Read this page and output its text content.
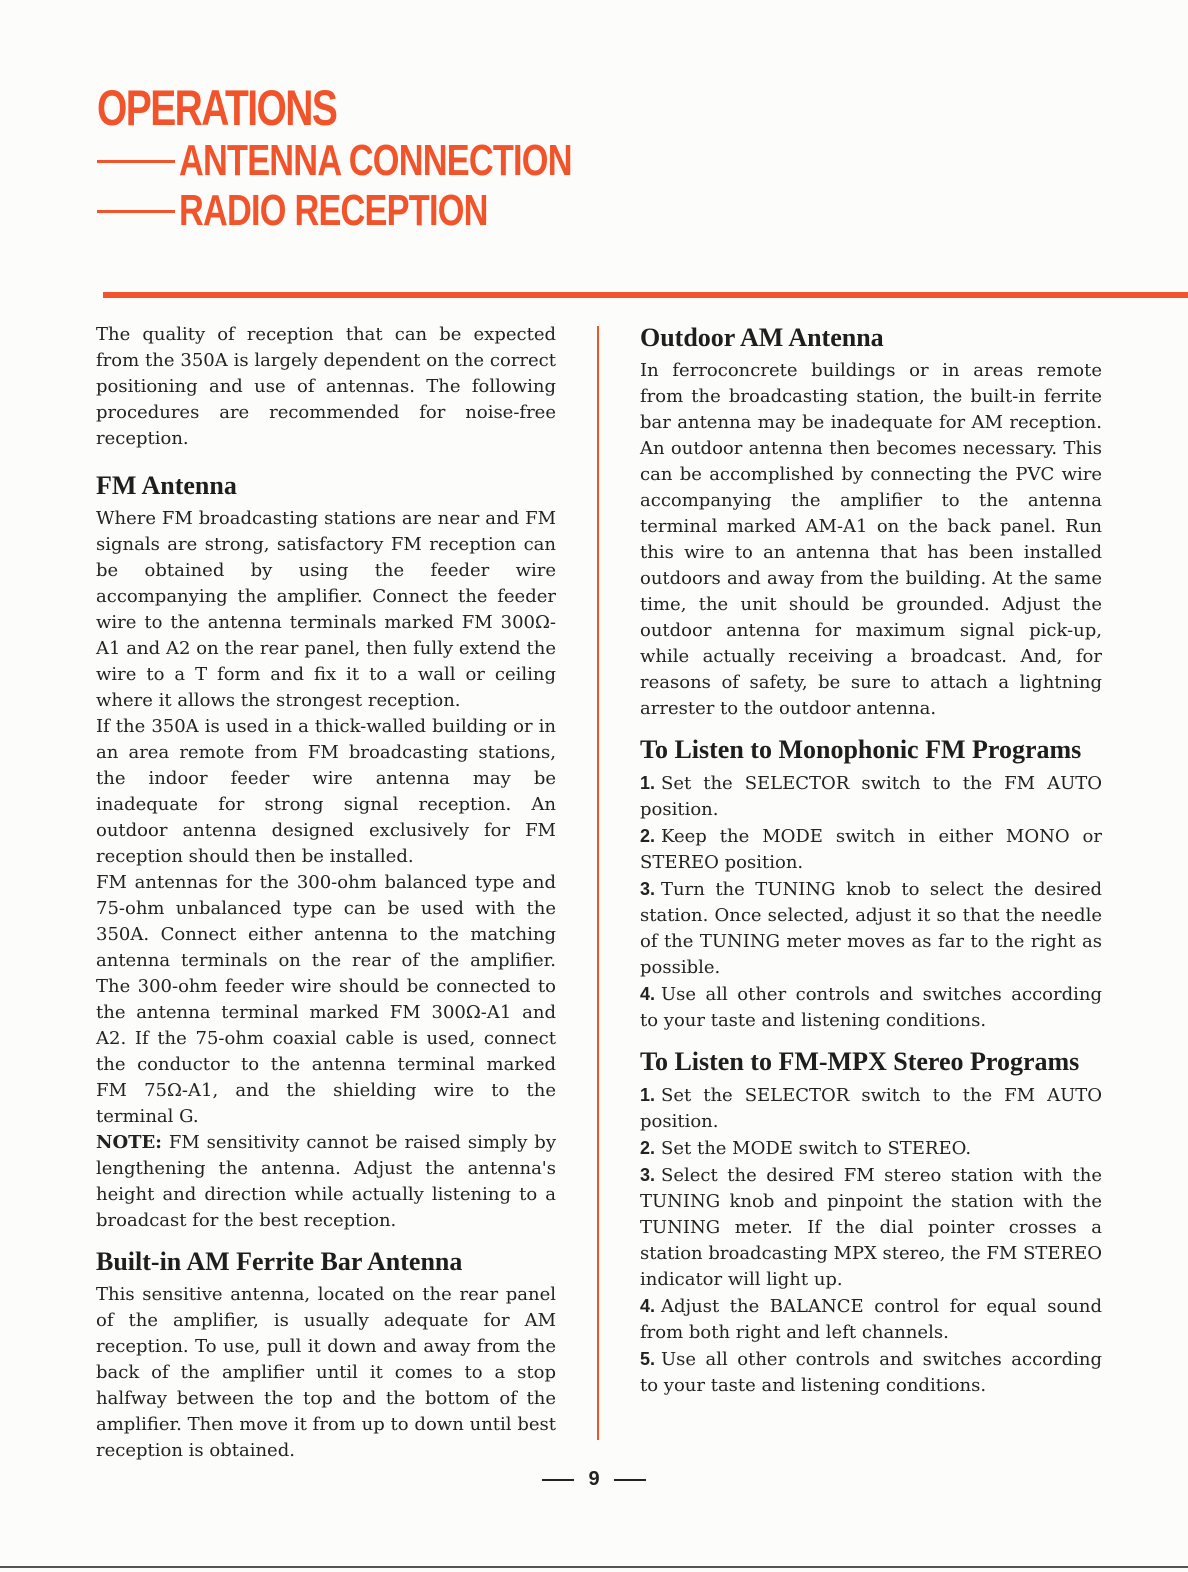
OPERATIONS
ANTENNA CONNECTION
RADIO RECEPTION

The quality of reception that can be expected from the 350A is largely dependent on the correct positioning and use of antennas. The following procedures are recommended for noise-free reception.

FM Antenna

Where FM broadcasting stations are near and FM signals are strong, satisfactory FM reception can be obtained by using the feeder wire accompanying the amplifier. Connect the feeder wire to the antenna terminals marked FM 300Ω-A1 and A2 on the rear panel, then fully extend the wire to a T form and fix it to a wall or ceiling where it allows the strongest reception.

If the 350A is used in a thick-walled building or in an area remote from FM broadcasting stations, the indoor feeder wire antenna may be inadequate for strong signal reception. An outdoor antenna designed exclusively for FM reception should then be installed.

FM antennas for the 300-ohm balanced type and 75-ohm unbalanced type can be used with the 350A. Connect either antenna to the matching antenna terminals on the rear of the amplifier. The 300-ohm feeder wire should be connected to the antenna terminal marked FM 300Ω-A1 and A2. If the 75-ohm coaxial cable is used, connect the conductor to the antenna terminal marked FM 75Ω-A1, and the shielding wire to the terminal G.

NOTE: FM sensitivity cannot be raised simply by lengthening the antenna. Adjust the antenna's height and direction while actually listening to a broadcast for the best reception.

Built-in AM Ferrite Bar Antenna

This sensitive antenna, located on the rear panel of the amplifier, is usually adequate for AM reception. To use, pull it down and away from the back of the amplifier until it comes to a stop halfway between the top and the bottom of the amplifier. Then move it from up to down until best reception is obtained.

Outdoor AM Antenna

In ferroconcrete buildings or in areas remote from the broadcasting station, the built-in ferrite bar antenna may be inadequate for AM reception. An outdoor antenna then becomes necessary. This can be accomplished by connecting the PVC wire accompanying the amplifier to the antenna terminal marked AM-A1 on the back panel. Run this wire to an antenna that has been installed outdoors and away from the building. At the same time, the unit should be grounded. Adjust the outdoor antenna for maximum signal pick-up, while actually receiving a broadcast. And, for reasons of safety, be sure to attach a lightning arrester to the outdoor antenna.

To Listen to Monophonic FM Programs

1. Set the SELECTOR switch to the FM AUTO position.

2. Keep the MODE switch in either MONO or STEREO position.

3. Turn the TUNING knob to select the desired station. Once selected, adjust it so that the needle of the TUNING meter moves as far to the right as possible.

4. Use all other controls and switches according to your taste and listening conditions.

To Listen to FM-MPX Stereo Programs

1. Set the SELECTOR switch to the FM AUTO position.

2. Set the MODE switch to STEREO.

3. Select the desired FM stereo station with the TUNING knob and pinpoint the station with the TUNING meter. If the dial pointer crosses a station broadcasting MPX stereo, the FM STEREO indicator will light up.

4. Adjust the BALANCE control for equal sound from both right and left channels.

5. Use all other controls and switches according to your taste and listening conditions.

9
